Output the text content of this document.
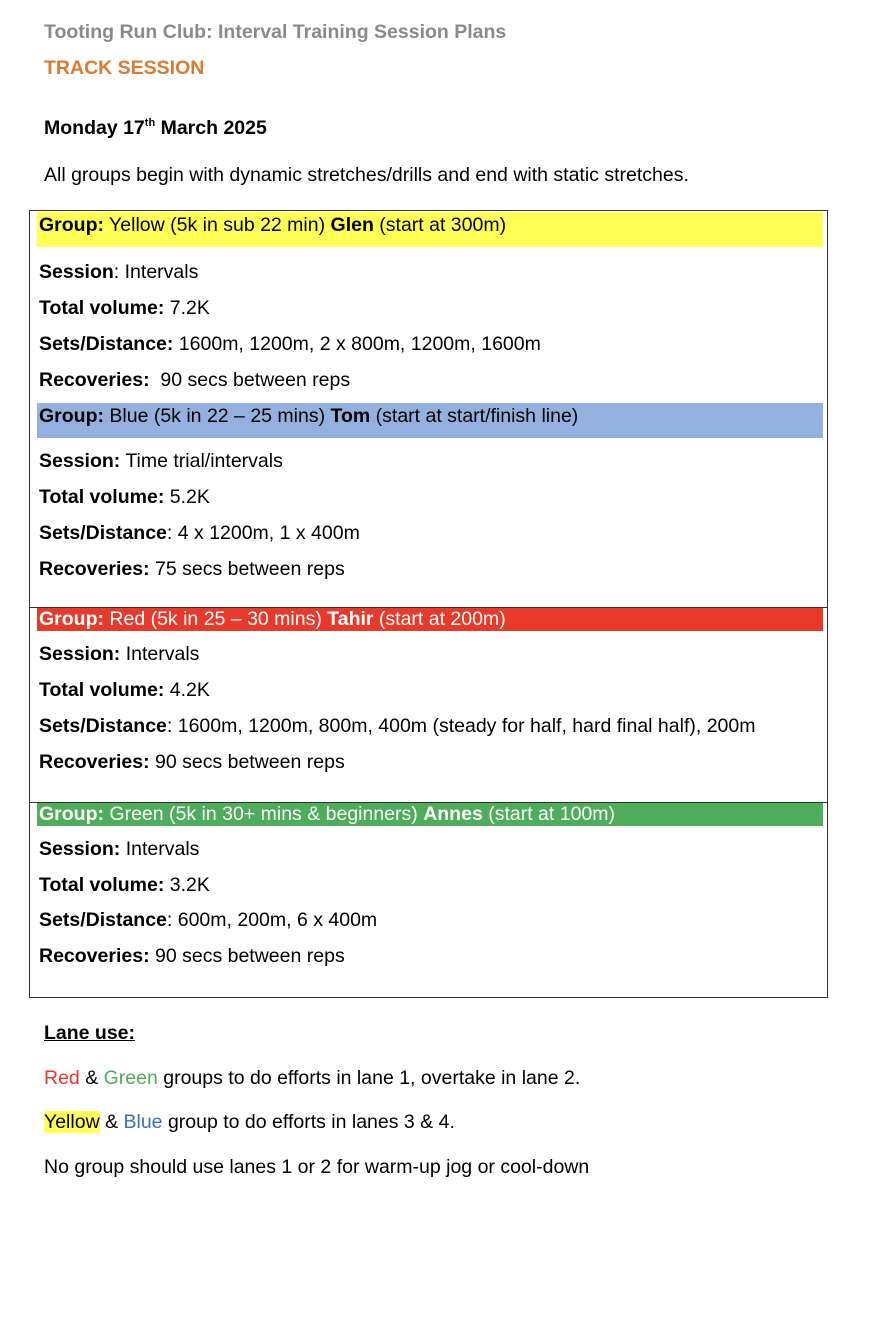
Tooting Run Club: Interval Training Session Plans
TRACK SESSION
Monday 17th March 2025
All groups begin with dynamic stretches/drills and end with static stretches.
Group: Yellow (5k in sub 22 min) Glen (start at 300m)
Session: Intervals
Total volume: 7.2K
Sets/Distance: 1600m, 1200m, 2 x 800m, 1200m, 1600m
Recoveries:  90 secs between reps
Group: Blue (5k in 22 – 25 mins) Tom (start at start/finish line)
Session: Time trial/intervals
Total volume: 5.2K
Sets/Distance: 4 x 1200m, 1 x 400m
Recoveries: 75 secs between reps
Group: Red (5k in 25 – 30 mins) Tahir (start at 200m)
Session: Intervals
Total volume: 4.2K
Sets/Distance: 1600m, 1200m, 800m, 400m (steady for half, hard final half), 200m
Recoveries: 90 secs between reps
Group: Green (5k in 30+ mins & beginners) Annes (start at 100m)
Session: Intervals
Total volume: 3.2K
Sets/Distance: 600m, 200m, 6 x 400m
Recoveries: 90 secs between reps
Lane use:
Red & Green groups to do efforts in lane 1, overtake in lane 2.
Yellow & Blue group to do efforts in lanes 3 & 4.
No group should use lanes 1 or 2 for warm-up jog or cool-down
